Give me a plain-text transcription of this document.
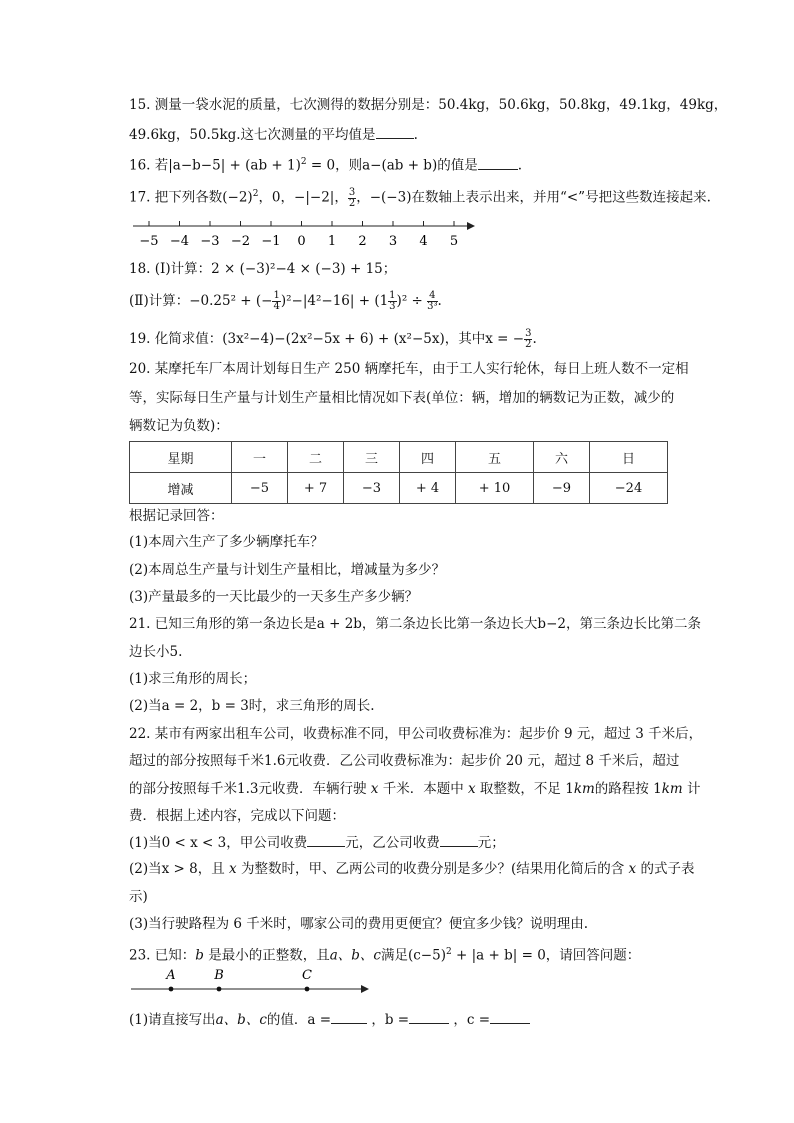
15. 测量一袋水泥的质量，七次测得的数据分别是：50.4kg，50.6kg，50.8kg，49.1kg，49kg，
49.6kg，50.5kg.这七次测量的平均值是	.
16. 若|a−b−5| + (ab + 1)$^2$ = 0，则a−(ab + b)的值是	.
17. 把下列各数$(-2)^2$，0，−|−2|， $\frac{3}{2}$ ，−(−3)在数轴上表示出来，并用“<”号把这些数连接起来.
−5 −4 −3 −2 −1 0 1 2 3 4 5
18. (Ⅰ)计算：2 × (−3)²−4 × (−3) + 15；
(Ⅱ)计算：−0.25² + (− $\frac{1}{4} )^2-|4^2-16| + (1 \frac{1}{3} )^2 \div \frac{4}{\text{3³}}$ .
19. 化简求值：(3x²−4)−(2x²−5x + 6) + (x²−5x)，其中x = − $\frac{3}{2}$ .
20. 某摩托车厂本周计划每日生产 250 辆摩托车，由于工人实行轮休，每日上班人数不一定相
等，实际每日生产量与计划生产量相比情况如下表(单位：辆，增加的辆数记为正数，减少的
辆数记为负数)：
星期	一	二	三	四	五	六	日
增减	−5	+ 7	−3	+ 4	+ 10	−9	−24
根据记录回答：
(1)本周六生产了多少辆摩托车？
(2)本周总生产量与计划生产量相比，增减量为多少？
(3)产量最多的一天比最少的一天多生产多少辆？
21. 已知三角形的第一条边长是a + 2b，第二条边长比第一条边长大b−2，第三条边长比第二条
边长小5.
(1)求三角形的周长；
(2)当a = 2，b = 3时，求三角形的周长.
22. 某市有两家出租车公司，收费标准不同，甲公司收费标准为：起步价 9 元，超过 3 千米后，
超过的部分按照每千米1.6元收费．乙公司收费标准为：起步价 20 元，超过 8 千米后，超过
的部分按照每千米1.3元收费．车辆行驶 x 千米．本题中 x 取整数，不足 1km的路程按 1km 计
费．根据上述内容，完成以下问题：
(1)当0 < x < 3，甲公司收费	元，乙公司收费	元；
(2)当x > 8，且 x 为整数时，甲、乙两公司的收费分别是多少？(结果用化简后的含 x 的式子表
示)
(3)当行驶路程为 6 千米时，哪家公司的费用更便宜？便宜多少钱？说明理由.
23. 已知：b 是最小的正整数，且a、b、c满足$(c-5)^2 + |a + b| = 0$，请回答问题：
A	B	C
(1)请直接写出a、b、c的值．a =	，b =	，c =
